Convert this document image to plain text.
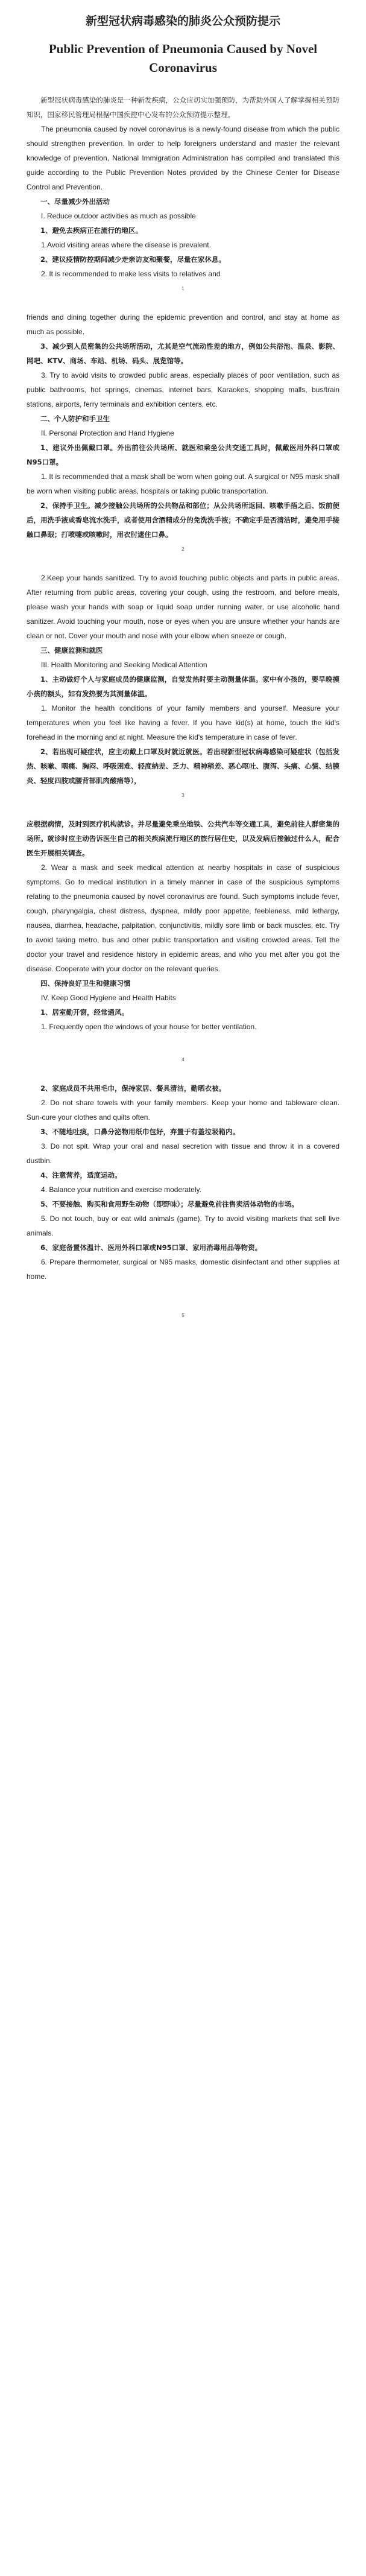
新型冠状病毒感染的肺炎公众预防提示
Public Prevention of Pneumonia Caused by Novel Coronavirus

新型冠状病毒感染的肺炎是一种新发疾病，公众应切实加强预防，为帮助外国人了解掌握相关预防知识，国家移民管理局根据中国疾控中心发布的公众预防提示整理。

The pneumonia caused by novel coronavirus is a newly-found disease from which the public should strengthen prevention. In order to help foreigners understand and master the relevant knowledge of prevention, National Immigration Administration has compiled and translated this guide according to the Public Prevention Notes provided by the Chinese Center for Disease Control and Prevention.

一、尽量减少外出活动

I. Reduce outdoor activities as much as possible

1、避免去疾病正在流行的地区。

1.Avoid visiting areas where the disease is prevalent.

2、建议疫情防控期间减少走亲访友和聚餐，尽量在家休息。

2. It is recommended to make less visits to relatives and

1

friends and dining together during the epidemic prevention and control, and stay at home as much as possible.

3、减少到人员密集的公共场所活动，尤其是空气流动性差的地方，例如公共浴池、温泉、影院、网吧、KTV、商场、车站、机场、码头、展览馆等。

3. Try to avoid visits to crowded public areas, especially places of poor ventilation, such as public bathrooms, hot springs, cinemas, internet bars, Karaokes, shopping malls, bus/train stations, airports, ferry terminals and exhibition centers, etc.

二、个人防护和手卫生

II. Personal Protection and Hand Hygiene

1、建议外出佩戴口罩。外出前往公共场所、就医和乘坐公共交通工具时，佩戴医用外科口罩或N95口罩。

1. It is recommended that a mask shall be worn when going out. A surgical or N95 mask shall be worn when visiting public areas, hospitals or taking public transportation.

2、保持手卫生。减少接触公共场所的公共物品和部位；从公共场所返回、咳嗽手捂之后、饭前便后，用洗手液或香皂流水洗手，或者使用含酒精成分的免洗洗手液；不确定手是否清洁时，避免用手接触口鼻眼；打喷嚏或咳嗽时，用衣肘遮住口鼻。

2

2.Keep your hands sanitized. Try to avoid touching public objects and parts in public areas. After returning from public areas, covering your cough, using the restroom, and before meals, please wash your hands with soap or liquid soap under running water, or use alcoholic hand sanitizer. Avoid touching your mouth, nose or eyes when you are unsure whether your hands are clean or not. Cover your mouth and nose with your elbow when sneeze or cough.

三、健康监测和就医

III. Health Monitoring and Seeking Medical Attention

1、主动做好个人与家庭成员的健康监测，自觉发热时要主动测量体温。家中有小孩的，要早晚摸小孩的额头，如有发热要为其测量体温。

1. Monitor the health conditions of your family members and yourself. Measure your temperatures when you feel like having a fever. If you have kid(s) at home, touch the kid's forehead in the morning and at night. Measure the kid's temperature in case of fever.

2、若出现可疑症状，应主动戴上口罩及时就近就医。若出现新型冠状病毒感染可疑症状（包括发热、咳嗽、咽痛、胸闷、呼吸困难、轻度纳差、乏力、精神稍差、恶心呕吐、腹泻、头痛、心慌、结膜炎、轻度四肢或腰背部肌肉酸痛等），

3

应根据病情，及时到医疗机构就诊。并尽量避免乘坐地铁、公共汽车等交通工具，避免前往人群密集的场所。就诊时应主动告诉医生自己的相关疾病流行地区的旅行居住史，以及发病后接触过什么人，配合医生开展相关调查。

2. Wear a mask and seek medical attention at nearby hospitals in case of suspicious symptoms. Go to medical institution in a timely manner in case of the suspicious symptoms relating to the pneumonia caused by novel coronavirus are found. Such symptoms include fever, cough, pharyngalgia, chest distress, dyspnea, mildly poor appetite, feebleness, mild lethargy, nausea, diarrhea, headache, palpitation, conjunctivitis, mildly sore limb or back muscles, etc. Try to avoid taking metro, bus and other public transportation and visiting crowded areas. Tell the doctor your travel and residence history in epidemic areas, and who you met after you got the disease. Cooperate with your doctor on the relevant queries.

四、保持良好卫生和健康习惯

IV. Keep Good Hygiene and Health Habits

1、居室勤开窗，经常通风。

1. Frequently open the windows of your house for better ventilation.

4

2、家庭成员不共用毛巾，保持家居、餐具清洁，勤晒衣被。

2. Do not share towels with your family members. Keep your home and tableware clean. Sun-cure your clothes and quilts often.

3、不随地吐痰，口鼻分泌物用纸巾包好，弃置于有盖垃圾箱内。

3. Do not spit. Wrap your oral and nasal secretion with tissue and throw it in a covered dustbin.

4、注意营养，适度运动。

4. Balance your nutrition and exercise moderately.

5、不要接触、购买和食用野生动物（即野味）；尽量避免前往售卖活体动物的市场。

5. Do not touch, buy or eat wild animals (game). Try to avoid visiting markets that sell live animals.

6、家庭备置体温计、医用外科口罩或N95口罩、家用消毒用品等物资。

6. Prepare thermometer, surgical or N95 masks, domestic disinfectant and other supplies at home.

5
